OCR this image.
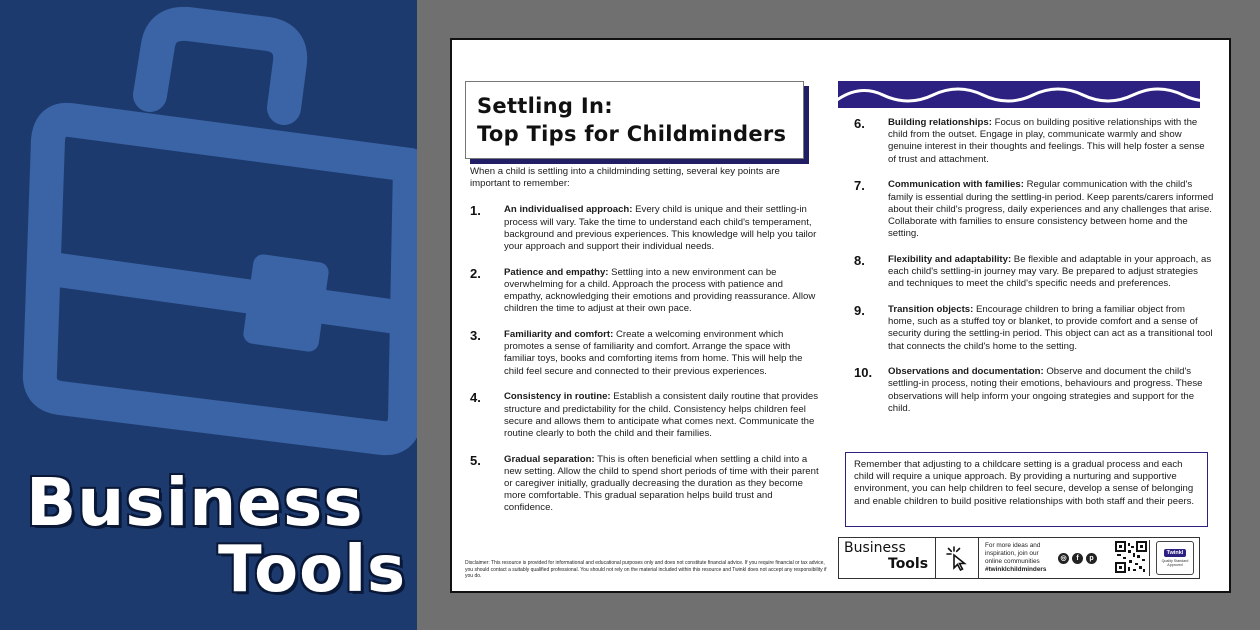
Business
Tools
Settling In:
Top Tips for Childminders
When a child is settling into a childminding setting, several key points are important to remember:
1.	An individualised approach: Every child is unique and their settling-in process will vary. Take the time to understand each child's temperament, background and previous experiences. This knowledge will help you tailor your approach and support their individual needs.
2.	Patience and empathy: Settling into a new environment can be overwhelming for a child. Approach the process with patience and empathy, acknowledging their emotions and providing reassurance. Allow children the time to adjust at their own pace.
3.	Familiarity and comfort: Create a welcoming environment which promotes a sense of familiarity and comfort. Arrange the space with familiar toys, books and comforting items from home. This will help the child feel secure and connected to their previous experiences.
4.	Consistency in routine: Establish a consistent daily routine that provides structure and predictability for the child. Consistency helps children feel secure and allows them to anticipate what comes next. Communicate the routine clearly to both the child and their families.
5.	Gradual separation: This is often beneficial when settling a child into a new setting. Allow the child to spend short periods of time with their parent or caregiver initially, gradually decreasing the duration as they become more comfortable. This gradual separation helps build trust and confidence.
6.	Building relationships: Focus on building positive relationships with the child from the outset. Engage in play, communicate warmly and show genuine interest in their thoughts and feelings. This will help foster a sense of trust and attachment.
7.	Communication with families: Regular communication with the child's family is essential during the settling-in period. Keep parents/carers informed about their child's progress, daily experiences and any challenges that arise. Collaborate with families to ensure consistency between home and the setting.
8.	Flexibility and adaptability: Be flexible and adaptable in your approach, as each child's settling-in journey may vary. Be prepared to adjust strategies and techniques to meet the child's specific needs and preferences.
9.	Transition objects: Encourage children to bring a familiar object from home, such as a stuffed toy or blanket, to provide comfort and a sense of security during the settling-in period. This object can act as a transitional tool that connects the child's home to the setting.
10.	Observations and documentation: Observe and document the child's settling-in process, noting their emotions, behaviours and progress. These observations will help inform your ongoing strategies and support for the child.
Remember that adjusting to a childcare setting is a gradual process and each child will require a unique approach. By providing a nurturing and supportive environment, you can help children to feel secure, develop a sense of belonging and enable children to build positive relationships with both staff and their peers.
Disclaimer: This resource is provided for informational and educational purposes only and does not constitute financial advice. If you require financial or tax advice, you should contact a suitably qualified professional. You should not rely on the material included within this resource and Twinkl does not accept any responsibility if you do.
Business
Tools
For more ideas and inspiration, join our online communities #twinklchildminders
◎	f	p
Twinkl
Quality Standard Approved
